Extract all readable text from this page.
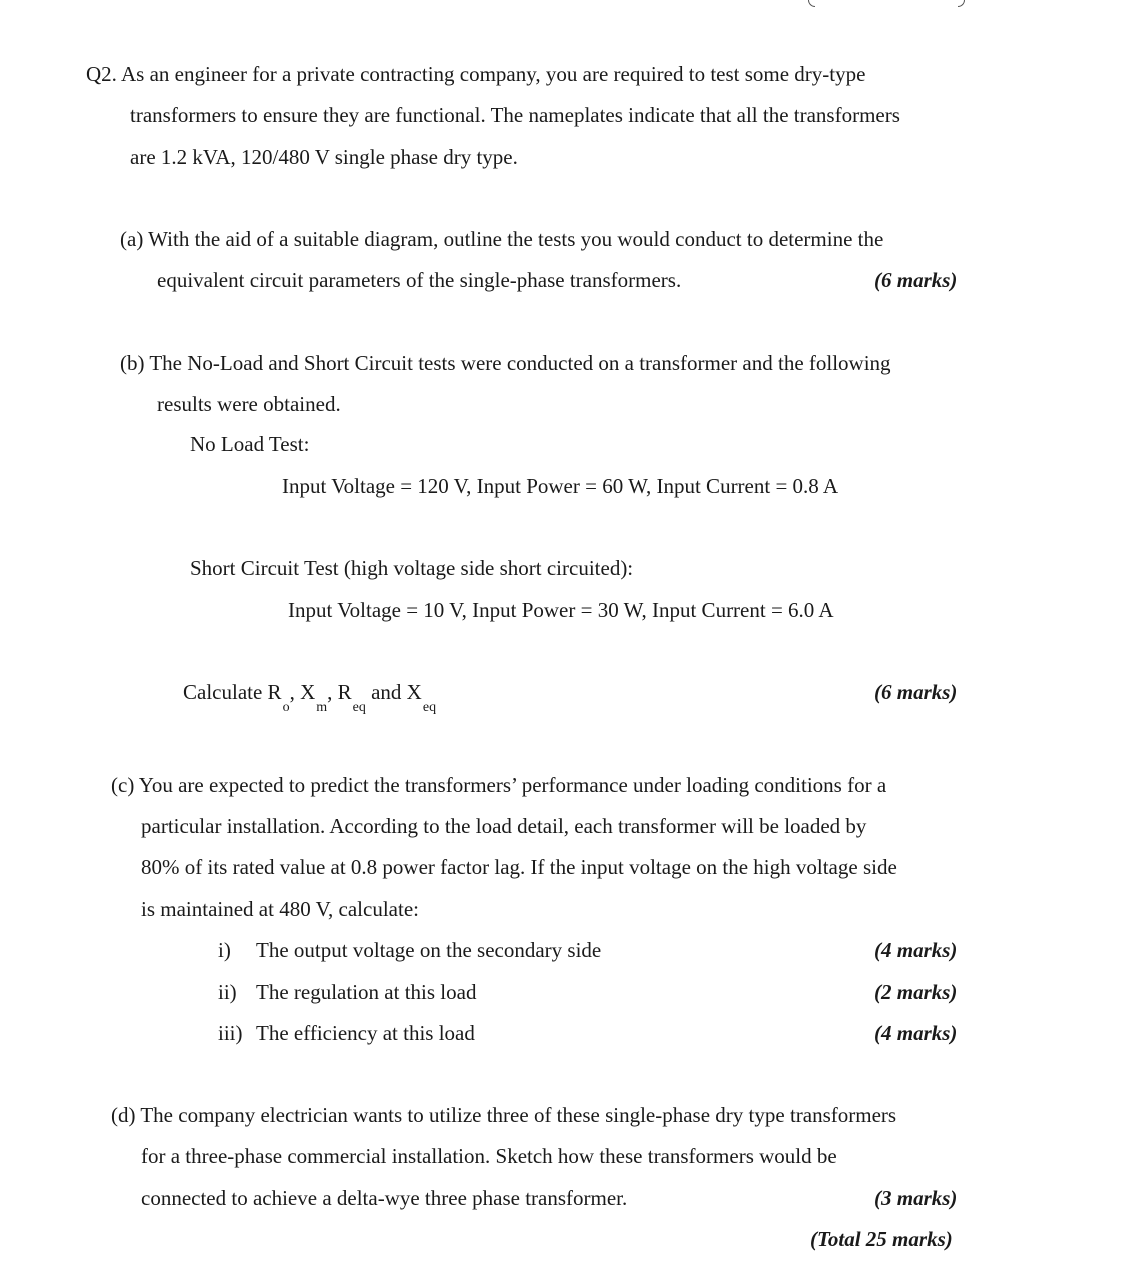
Q2. As an engineer for a private contracting company, you are required to test some dry-type
transformers to ensure they are functional. The nameplates indicate that all the transformers
are 1.2 kVA, 120/480 V single phase dry type.
(a) With the aid of a suitable diagram, outline the tests you would conduct to determine the
equivalent circuit parameters of the single-phase transformers.	(6 marks)
(b) The No-Load and Short Circuit tests were conducted on a transformer and the following
results were obtained.
No Load Test:
Input Voltage = 120 V, Input Power = 60 W, Input Current = 0.8 A
Short Circuit Test (high voltage side short circuited):
Input Voltage = 10 V, Input Power = 30 W, Input Current = 6.0 A
Calculate $R_o$, $X_m$, $R_{eq}$ and $X_{eq}$
(6 marks)
(c) You are expected to predict the transformers’ performance under loading conditions for a
particular installation. According to the load detail, each transformer will be loaded by
80% of its rated value at 0.8 power factor lag. If the input voltage on the high voltage side
is maintained at 480 V, calculate:
i) The output voltage on the secondary side	(4 marks)
ii) The regulation at this load	(2 marks)
iii) The efficiency at this load	(4 marks)
(d) The company electrician wants to utilize three of these single-phase dry type transformers
for a three-phase commercial installation. Sketch how these transformers would be
connected to achieve a delta-wye three phase transformer.	(3 marks)
(Total 25 marks)
